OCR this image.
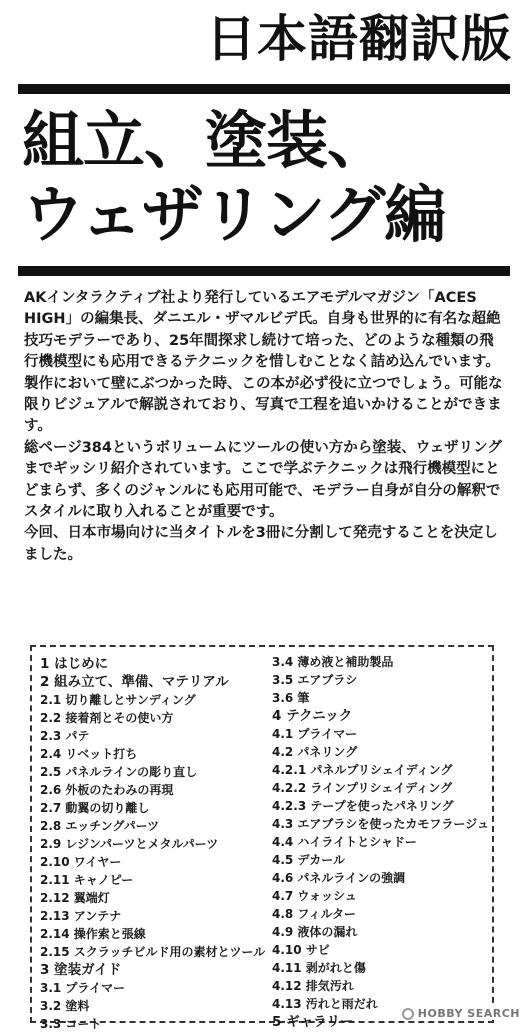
日本語翻訳版
組立、塗装、
ウェザリング編

AKインタラクティブ社より発行しているエアモデルマガジン「ACES HIGH」の編集長、ダニエル・ザマルビデ氏。自身も世界的に有名な超絶技巧モデラーであり、25年間探求し続けて培った、どのような種類の飛行機模型にも応用できるテクニックを惜しむことなく詰め込んでいます。製作において壁にぶつかった時、この本が必ず役に立つでしょう。可能な限りビジュアルで解説されており、写真で工程を追いかけることができます。

総ページ384というボリュームにツールの使い方から塗装、ウェザリングまでギッシリ紹介されています。ここで学ぶテクニックは飛行機模型にとどまらず、多くのジャンルにも応用可能で、モデラー自身が自分の解釈でスタイルに取り入れることが重要です。

今回、日本市場向けに当タイトルを3冊に分割して発売することを決定しました。

1 はじめに
2 組み立て、準備、マテリアル
2.1 切り離しとサンディング
2.2 接着剤とその使い方
2.3 パテ
2.4 リベット打ち
2.5 パネルラインの彫り直し
2.6 外板のたわみの再現
2.7 動翼の切り離し
2.8 エッチングパーツ
2.9 レジンパーツとメタルパーツ
2.10 ワイヤー
2.11 キャノピー
2.12 翼端灯
2.13 アンテナ
2.14 操作索と張線
2.15 スクラッチビルド用の素材とツール
3 塗装ガイド
3.1 プライマー
3.2 塗料
3.3 コート
3.4 薄め液と補助製品
3.5 エアブラシ
3.6 筆
4 テクニック
4.1 プライマー
4.2 パネリング
4.2.1 パネルプリシェイディング
4.2.2 ラインプリシェイディング
4.2.3 テープを使ったパネリング
4.3 エアブラシを使ったカモフラージュ
4.4 ハイライトとシャドー
4.5 デカール
4.6 パネルラインの強調
4.7 ウォッシュ
4.8 フィルター
4.9 液体の漏れ
4.10 サビ
4.11 剥がれと傷
4.12 排気汚れ
4.13 汚れと雨だれ
5 ギャラリー
HOBBY SEARCH
